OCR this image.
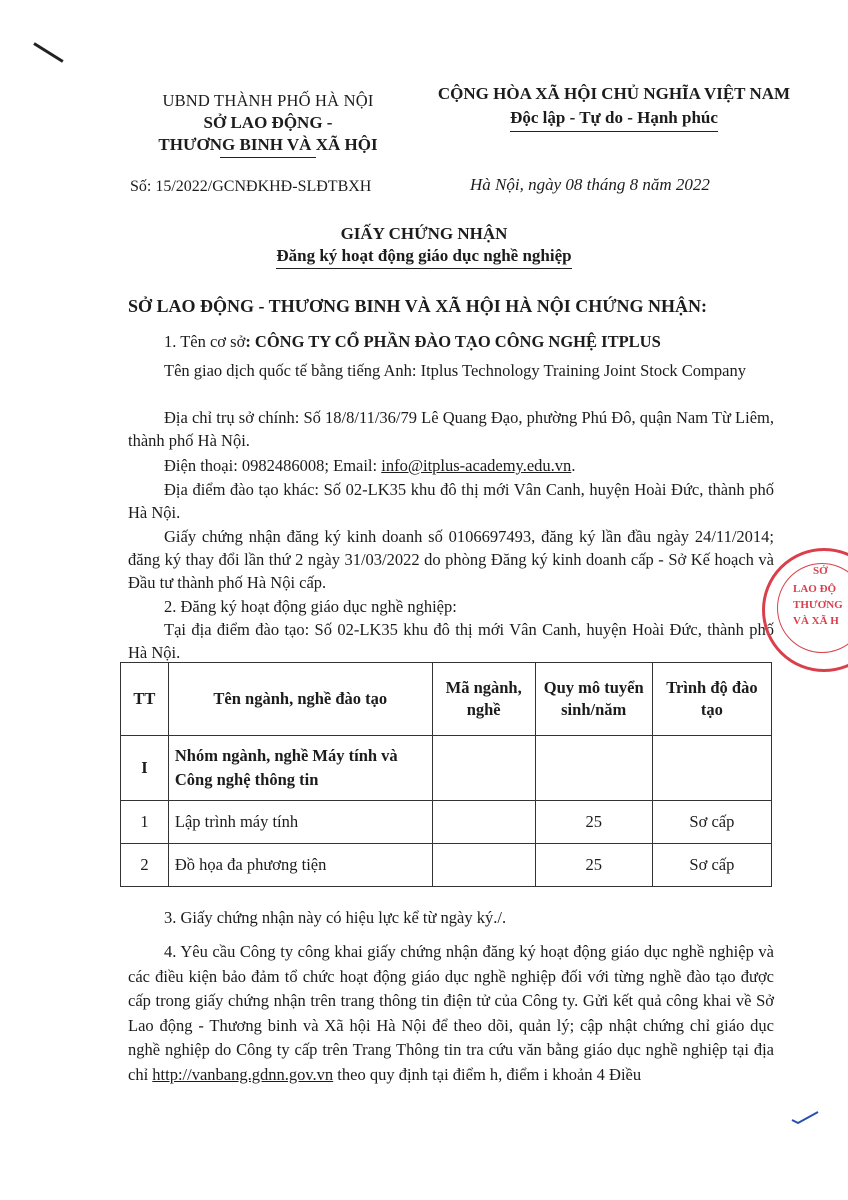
UBND THÀNH PHỐ HÀ NỘI
SỞ LAO ĐỘNG -
THƯƠNG BINH VÀ XÃ HỘI
CỘNG HÒA XÃ HỘI CHỦ NGHĨA VIỆT NAM
Độc lập - Tự do - Hạnh phúc
Số: 15/2022/GCNĐKHĐ-SLĐTBXH	Hà Nội, ngày 08 tháng 8 năm 2022
GIẤY CHỨNG NHẬN
Đăng ký hoạt động giáo dục nghề nghiệp
SỞ LAO ĐỘNG - THƯƠNG BINH VÀ XÃ HỘI HÀ NỘI CHỨNG NHẬN:
1. Tên cơ sở: CÔNG TY CỔ PHẦN ĐÀO TẠO CÔNG NGHỆ ITPLUS
Tên giao dịch quốc tế bằng tiếng Anh: Itplus Technology Training Joint Stock Company
Địa chỉ trụ sở chính: Số 18/8/11/36/79 Lê Quang Đạo, phường Phú Đô, quận Nam Từ Liêm, thành phố Hà Nội.
Điện thoại: 0982486008; Email: info@itplus-academy.edu.vn.
Địa điểm đào tạo khác: Số 02-LK35 khu đô thị mới Vân Canh, huyện Hoài Đức, thành phố Hà Nội.
Giấy chứng nhận đăng ký kinh doanh số 0106697493, đăng ký lần đầu ngày 24/11/2014; đăng ký thay đổi lần thứ 2 ngày 31/03/2022 do phòng Đăng ký kinh doanh cấp - Sở Kế hoạch và Đầu tư thành phố Hà Nội cấp.
2. Đăng ký hoạt động giáo dục nghề nghiệp:
Tại địa điểm đào tạo: Số 02-LK35 khu đô thị mới Vân Canh, huyện Hoài Đức, thành phố Hà Nội.
TT	Tên ngành, nghề đào tạo	Mã ngành, nghề	Quy mô tuyển sinh/năm	Trình độ đào tạo
I	Nhóm ngành, nghề Máy tính và Công nghệ thông tin			
1	Lập trình máy tính		25	Sơ cấp
2	Đồ họa đa phương tiện		25	Sơ cấp
3. Giấy chứng nhận này có hiệu lực kể từ ngày ký./.
4. Yêu cầu Công ty công khai giấy chứng nhận đăng ký hoạt động giáo dục nghề nghiệp và các điều kiện bảo đảm tổ chức hoạt động giáo dục nghề nghiệp đối với từng nghề đào tạo được cấp trong giấy chứng nhận trên trang thông tin điện tử của Công ty. Gửi kết quả công khai về Sở Lao động - Thương binh và Xã hội Hà Nội để theo dõi, quản lý; cập nhật chứng chỉ giáo dục nghề nghiệp do Công ty cấp trên Trang Thông tin tra cứu văn bằng giáo dục nghề nghiệp tại địa chỉ http://vanbang.gdnn.gov.vn theo quy định tại điểm h, điểm i khoản 4 Điều
SỞ
LAO ĐỘ
THƯƠNG
VÀ XÃ H
